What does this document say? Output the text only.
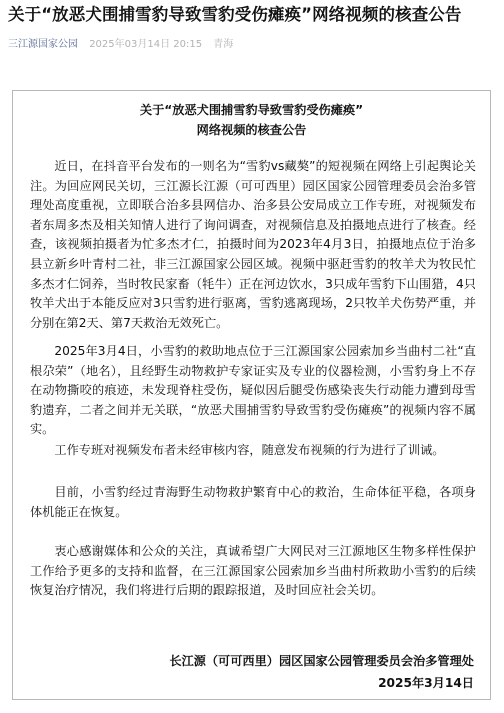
关于“放恶犬围捕雪豹导致雪豹受伤瘫痪”网络视频的核查公告
三江源国家公园 2025年03月14日 20:15 青海
关于“放恶犬围捕雪豹导致雪豹受伤瘫痪”
网络视频的核查公告

近日，在抖音平台发布的一则名为“雪豹vs藏獒”的短视频在网络上引起舆论关注。为回应网民关切，三江源长江源（可可西里）园区国家公园管理委员会治多管理处高度重视，立即联合治多县网信办、治多县公安局成立工作专班，对视频发布者东周多杰及相关知情人进行了询问调查，对视频信息及拍摄地点进行了核查。经查，该视频拍摄者为忙多杰才仁，拍摄时间为2023年4月3日，拍摄地点位于治多县立新乡叶青村二社，非三江源国家公园区域。视频中驱赶雪豹的牧羊犬为牧民忙多杰才仁饲养，当时牧民家畜（牦牛）正在河边饮水，3只成年雪豹下山围猎，4只牧羊犬出于本能反应对3只雪豹进行驱离，雪豹逃离现场，2只牧羊犬伤势严重，并分别在第2天、第7天救治无效死亡。

2025年3月4日，小雪豹的救助地点位于三江源国家公园索加乡当曲村二社“直根尕荣”（地名），且经野生动物救护专家证实及专业的仪器检测，小雪豹身上不存在动物撕咬的痕迹，未发现脊柱受伤，疑似因后腿受伤感染丧失行动能力遭到母雪豹遗弃，二者之间并无关联，“放恶犬围捕雪豹导致雪豹受伤瘫痪”的视频内容不属实。

工作专班对视频发布者未经审核内容，随意发布视频的行为进行了训诫。

目前，小雪豹经过青海野生动物救护繁育中心的救治，生命体征平稳，各项身体机能正在恢复。

衷心感谢媒体和公众的关注，真诚希望广大网民对三江源地区生物多样性保护工作给予更多的支持和监督，在三江源国家公园索加乡当曲村所救助小雪豹的后续恢复治疗情况，我们将进行后期的跟踪报道，及时回应社会关切。

长江源（可可西里）园区国家公园管理委员会治多管理处
2025年3月14日
